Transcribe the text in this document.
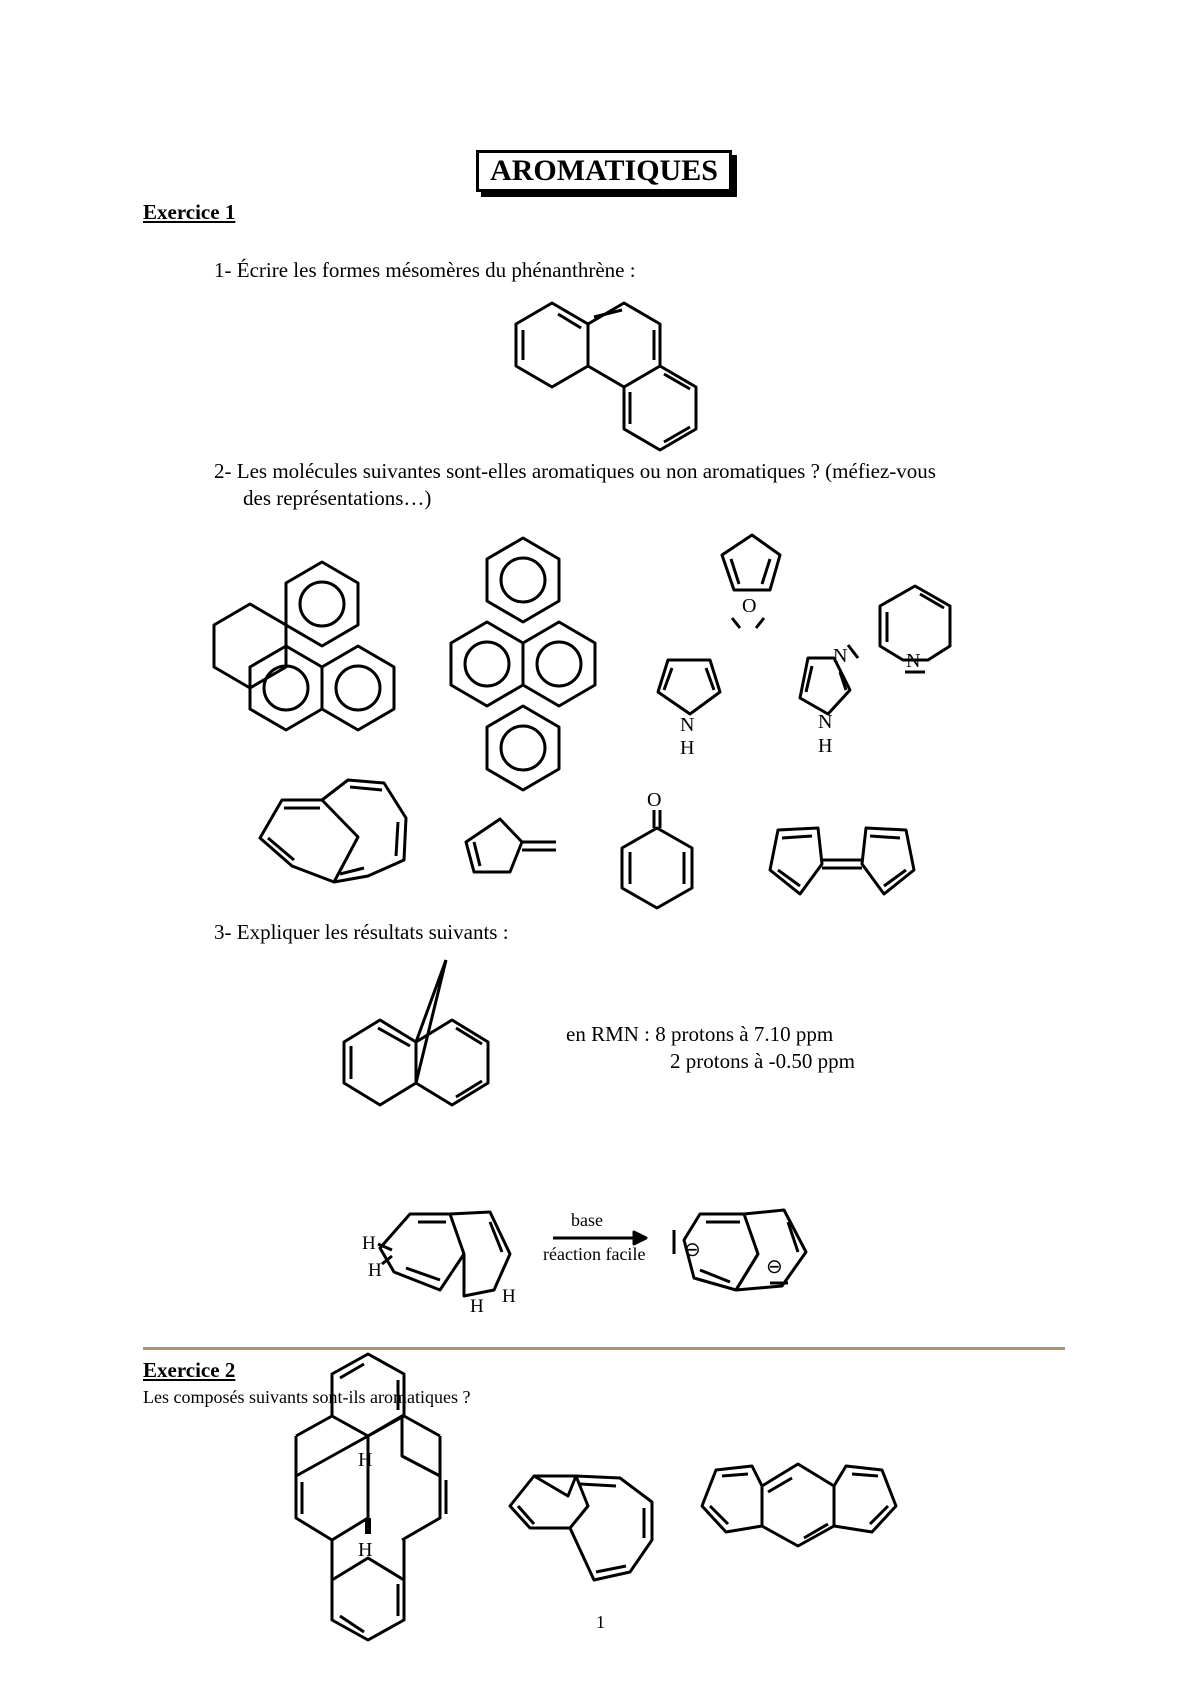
AROMATIQUES
Exercice 1
1- Écrire les formes mésomères du phénanthrène :
2- Les molécules suivantes sont-elles aromatiques ou non aromatiques ? (méfiez-vous
des représentations…)
3- Expliquer les résultats suivants :
en RMN : 8 protons à 7.10 ppm
2 protons à -0.50 ppm
base
réaction facile
Exercice 2
Les composés suivants sont-ils aromatiques ?
1
O
N
N
H
N
N
H
O
H
H
H H
⊖
⊖
H
H
